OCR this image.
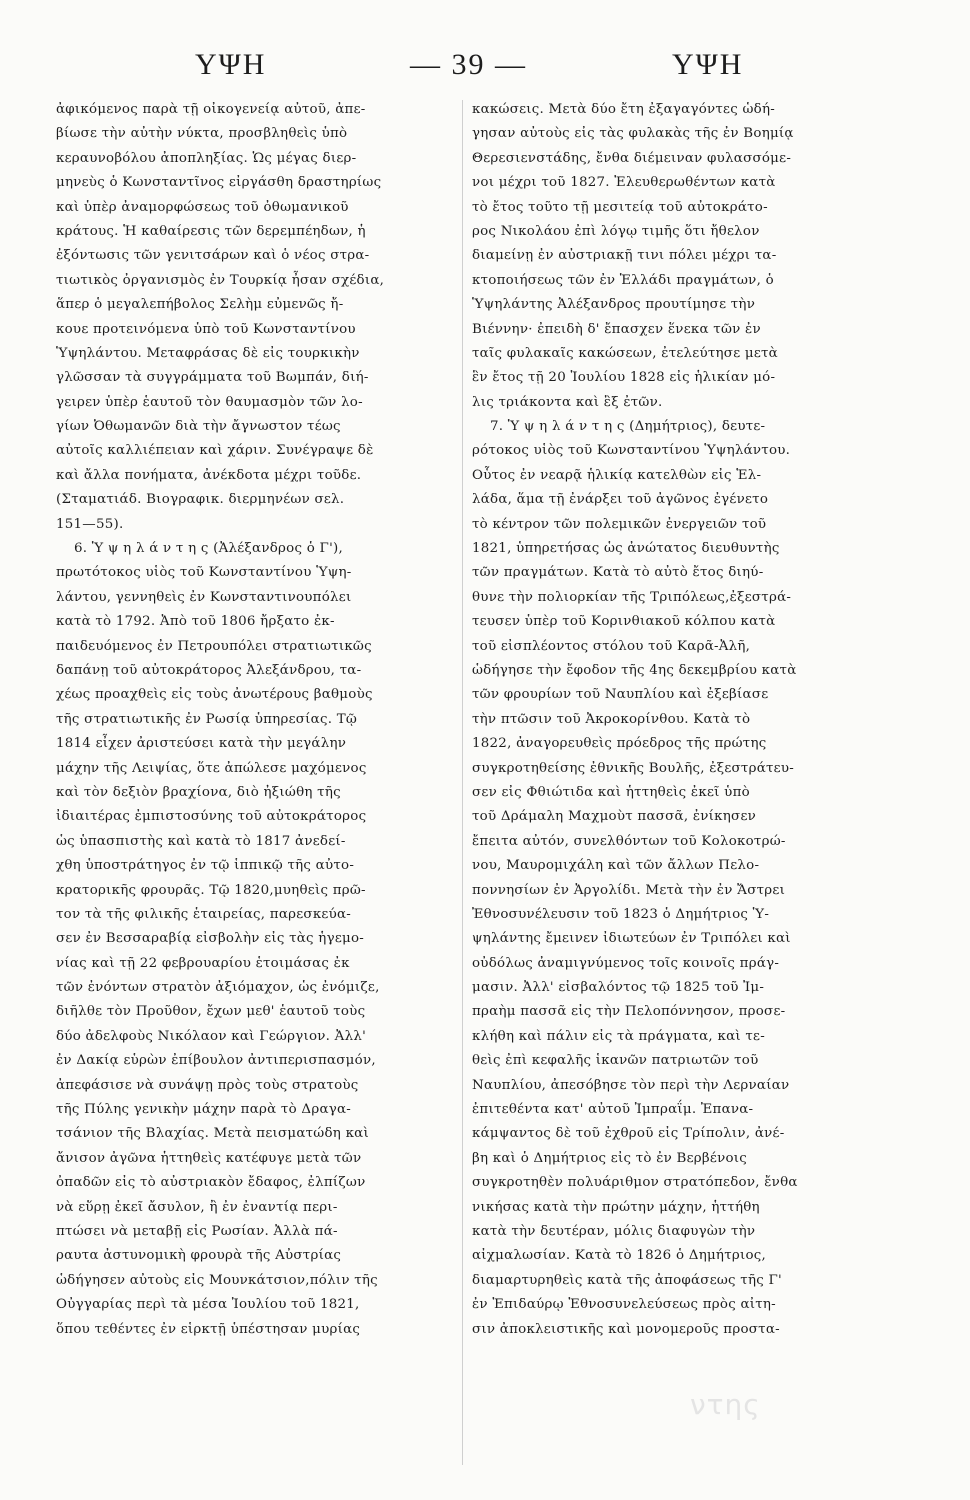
ΥΨΗ	— 39 —	ΥΨΗ
ἀφικόμενος παρὰ τῇ οἰκογενείᾳ αὐτοῦ, ἀπε-
βίωσε τὴν αὐτὴν νύκτα, προσβληθεὶς ὑπὸ
κεραυνοβόλου ἀποπληξίας. Ὡς μέγας διερ-
μηνεὺς ὁ Κωνσταντῖνος εἰργάσθη δραστηρίως
καὶ ὑπὲρ ἀναμορφώσεως τοῦ ὀθωμανικοῦ
κράτους. Ἡ καθαίρεσις τῶν δερεμπέηδων, ἡ
ἐξόντωσις τῶν γενιτσάρων καὶ ὁ νέος στρα-
τιωτικὸς ὀργανισμὸς ἐν Τουρκίᾳ ἦσαν σχέδια,
ἅπερ ὁ μεγαλεπήβολος Σελὴμ εὐμενῶς ἤ-
κουε προτεινόμενα ὑπὸ τοῦ Κωνσταντίνου
Ὑψηλάντου. Μεταφράσας δὲ εἰς τουρκικὴν
γλῶσσαν τὰ συγγράμματα τοῦ Βωμπάν, διή-
γειρεν ὑπὲρ ἑαυτοῦ τὸν θαυμασμὸν τῶν λο-
γίων Ὀθωμανῶν διὰ τὴν ἄγνωστον τέως
αὐτοῖς καλλιέπειαν καὶ χάριν. Συνέγραψε δὲ
καὶ ἄλλα πονήματα, ἀνέκδοτα μέχρι τοῦδε.
(Σταματιάδ. Βιογραφικ. διερμηνέων σελ.
151—55).
6. Ὑ ψ η λ ά ν τ η ς (Ἀλέξανδρος ὁ Γ'),
πρωτότοκος υἱὸς τοῦ Κωνσταντίνου Ὑψη-
λάντου, γεννηθεὶς ἐν Κωνσταντινουπόλει
κατὰ τὸ 1792. Ἀπὸ τοῦ 1806 ἤρξατο ἐκ-
παιδευόμενος ἐν Πετρουπόλει στρατιωτικῶς
δαπάνῃ τοῦ αὐτοκράτορος Ἀλεξάνδρου, τα-
χέως προαχθεὶς εἰς τοὺς ἀνωτέρους βαθμοὺς
τῆς στρατιωτικῆς ἐν Ρωσίᾳ ὑπηρεσίας. Τῷ
1814 εἶχεν ἀριστεύσει κατὰ τὴν μεγάλην
μάχην τῆς Λειψίας, ὅτε ἀπώλεσε μαχόμενος
καὶ τὸν δεξιὸν βραχίονα, διὸ ἠξιώθη τῆς
ἰδιαιτέρας ἐμπιστοσύνης τοῦ αὐτοκράτορος
ὡς ὑπασπιστὴς καὶ κατὰ τὸ 1817 ἀνεδεί-
χθη ὑποστράτηγος ἐν τῷ ἱππικῷ τῆς αὐτο-
κρατορικῆς φρουρᾶς. Τῷ 1820,μυηθεὶς πρῶ-
τον τὰ τῆς φιλικῆς ἑταιρείας, παρεσκεύα-
σεν ἐν Βεσσαραβίᾳ εἰσβολὴν εἰς τὰς ἡγεμο-
νίας καὶ τῇ 22 φεβρουαρίου ἑτοιμάσας ἐκ
τῶν ἐνόντων στρατὸν ἀξιόμαχον, ὡς ἐνόμιζε,
διῆλθε τὸν Προῦθον, ἔχων μεθ' ἑαυτοῦ τοὺς
δύο ἀδελφοὺς Νικόλαον καὶ Γεώργιον. Ἀλλ'
ἐν Δακίᾳ εὑρὼν ἐπίβουλον ἀντιπερισπασμόν,
ἀπεφάσισε νὰ συνάψῃ πρὸς τοὺς στρατοὺς
τῆς Πύλης γενικὴν μάχην παρὰ τὸ Δραγα-
τσάνιον τῆς Βλαχίας. Μετὰ πεισματώδη καὶ
ἄνισον ἀγῶνα ἡττηθεὶς κατέφυγε μετὰ τῶν
ὀπαδῶν εἰς τὸ αὐστριακὸν ἔδαφος, ἐλπίζων
νὰ εὕρῃ ἐκεῖ ἄσυλον, ἢ ἐν ἐναντίᾳ περι-
πτώσει νὰ μεταβῇ εἰς Ρωσίαν. Ἀλλὰ πά-
ραυτα ἀστυνομικὴ φρουρὰ τῆς Αὐστρίας
ὡδήγησεν αὐτοὺς εἰς Μουνκάτσιον,πόλιν τῆς
Οὐγγαρίας περὶ τὰ μέσα Ἰουλίου τοῦ 1821,
ὅπου τεθέντες ἐν εἱρκτῇ ὑπέστησαν μυρίας
κακώσεις. Μετὰ δύο ἔτη ἐξαγαγόντες ὡδή-
γησαν αὐτοὺς εἰς τὰς φυλακὰς τῆς ἐν Βοημίᾳ
Θερεσιενστάδης, ἔνθα διέμειναν φυλασσόμε-
νοι μέχρι τοῦ 1827. Ἐλευθερωθέντων κατὰ
τὸ ἔτος τοῦτο τῇ μεσιτείᾳ τοῦ αὐτοκράτο-
ρος Νικολάου ἐπὶ λόγῳ τιμῆς ὅτι ἤθελον
διαμείνῃ ἐν αὐστριακῇ τινι πόλει μέχρι τα-
κτοποιήσεως τῶν ἐν Ἑλλάδι πραγμάτων, ὁ
Ὑψηλάντης Ἀλέξανδρος προυτίμησε τὴν
Βιέννην· ἐπειδὴ δ' ἔπασχεν ἕνεκα τῶν ἐν
ταῖς φυλακαῖς κακώσεων, ἐτελεύτησε μετὰ
ἓν ἔτος τῇ 20 Ἰουλίου 1828 εἰς ἡλικίαν μό-
λις τριάκοντα καὶ ἓξ ἐτῶν.
7. Ὑ ψ η λ ά ν τ η ς (Δημήτριος), δευτε-
ρότοκος υἱὸς τοῦ Κωνσταντίνου Ὑψηλάντου.
Οὗτος ἐν νεαρᾷ ἡλικίᾳ κατελθὼν εἰς Ἑλ-
λάδα, ἅμα τῇ ἐνάρξει τοῦ ἀγῶνος ἐγένετο
τὸ κέντρον τῶν πολεμικῶν ἐνεργειῶν τοῦ
1821, ὑπηρετήσας ὡς ἀνώτατος διευθυντὴς
τῶν πραγμάτων. Κατὰ τὸ αὐτὸ ἔτος διηύ-
θυνε τὴν πολιορκίαν τῆς Τριπόλεως,ἐξεστρά-
τευσεν ὑπὲρ τοῦ Κορινθιακοῦ κόλπου κατὰ
τοῦ εἰσπλέοντος στόλου τοῦ Καρᾶ-Ἀλῆ,
ὡδήγησε τὴν ἔφοδον τῆς 4ης δεκεμβρίου κατὰ
τῶν φρουρίων τοῦ Ναυπλίου καὶ ἐξεβίασε
τὴν πτῶσιν τοῦ Ἀκροκορίνθου. Κατὰ τὸ
1822, ἀναγορευθεὶς πρόεδρος τῆς πρώτης
συγκροτηθείσης ἐθνικῆς Βουλῆς, ἐξεστράτευ-
σεν εἰς Φθιώτιδα καὶ ἡττηθεὶς ἐκεῖ ὑπὸ
τοῦ Δράμαλη Μαχμοὺτ πασσᾶ, ἐνίκησεν
ἔπειτα αὐτόν, συνελθόντων τοῦ Κολοκοτρώ-
νου, Μαυρομιχάλη καὶ τῶν ἄλλων Πελο-
ποννησίων ἐν Ἀργολίδι. Μετὰ τὴν ἐν Ἄστρει
Ἐθνοσυνέλευσιν τοῦ 1823 ὁ Δημήτριος Ὑ-
ψηλάντης ἔμεινεν ἰδιωτεύων ἐν Τριπόλει καὶ
οὐδόλως ἀναμιγνύμενος τοῖς κοινοῖς πράγ-
μασιν. Ἀλλ' εἰσβαλόντος τῷ 1825 τοῦ Ἰμ-
πραὴμ πασσᾶ εἰς τὴν Πελοπόννησον, προσε-
κλήθη καὶ πάλιν εἰς τὰ πράγματα, καὶ τε-
θεὶς ἐπὶ κεφαλῆς ἱκανῶν πατριωτῶν τοῦ
Ναυπλίου, ἀπεσόβησε τὸν περὶ τὴν Λερναίαν
ἐπιτεθέντα κατ' αὐτοῦ Ἰμπραΐμ. Ἐπανα-
κάμψαντος δὲ τοῦ ἐχθροῦ εἰς Τρίπολιν, ἀνέ-
βη καὶ ὁ Δημήτριος εἰς τὸ ἐν Βερβένοις
συγκροτηθὲν πολυάριθμον στρατόπεδον, ἔνθα
νικήσας κατὰ τὴν πρώτην μάχην, ἡττήθη
κατὰ τὴν δευτέραν, μόλις διαφυγὼν τὴν
αἰχμαλωσίαν. Κατὰ τὸ 1826 ὁ Δημήτριος,
διαμαρτυρηθεὶς κατὰ τῆς ἀποφάσεως τῆς Γ'
ἐν Ἐπιδαύρῳ Ἐθνοσυνελεύσεως πρὸς αἰτη-
σιν ἀποκλειστικῆς καὶ μονομεροῦς προστα-
ντης
